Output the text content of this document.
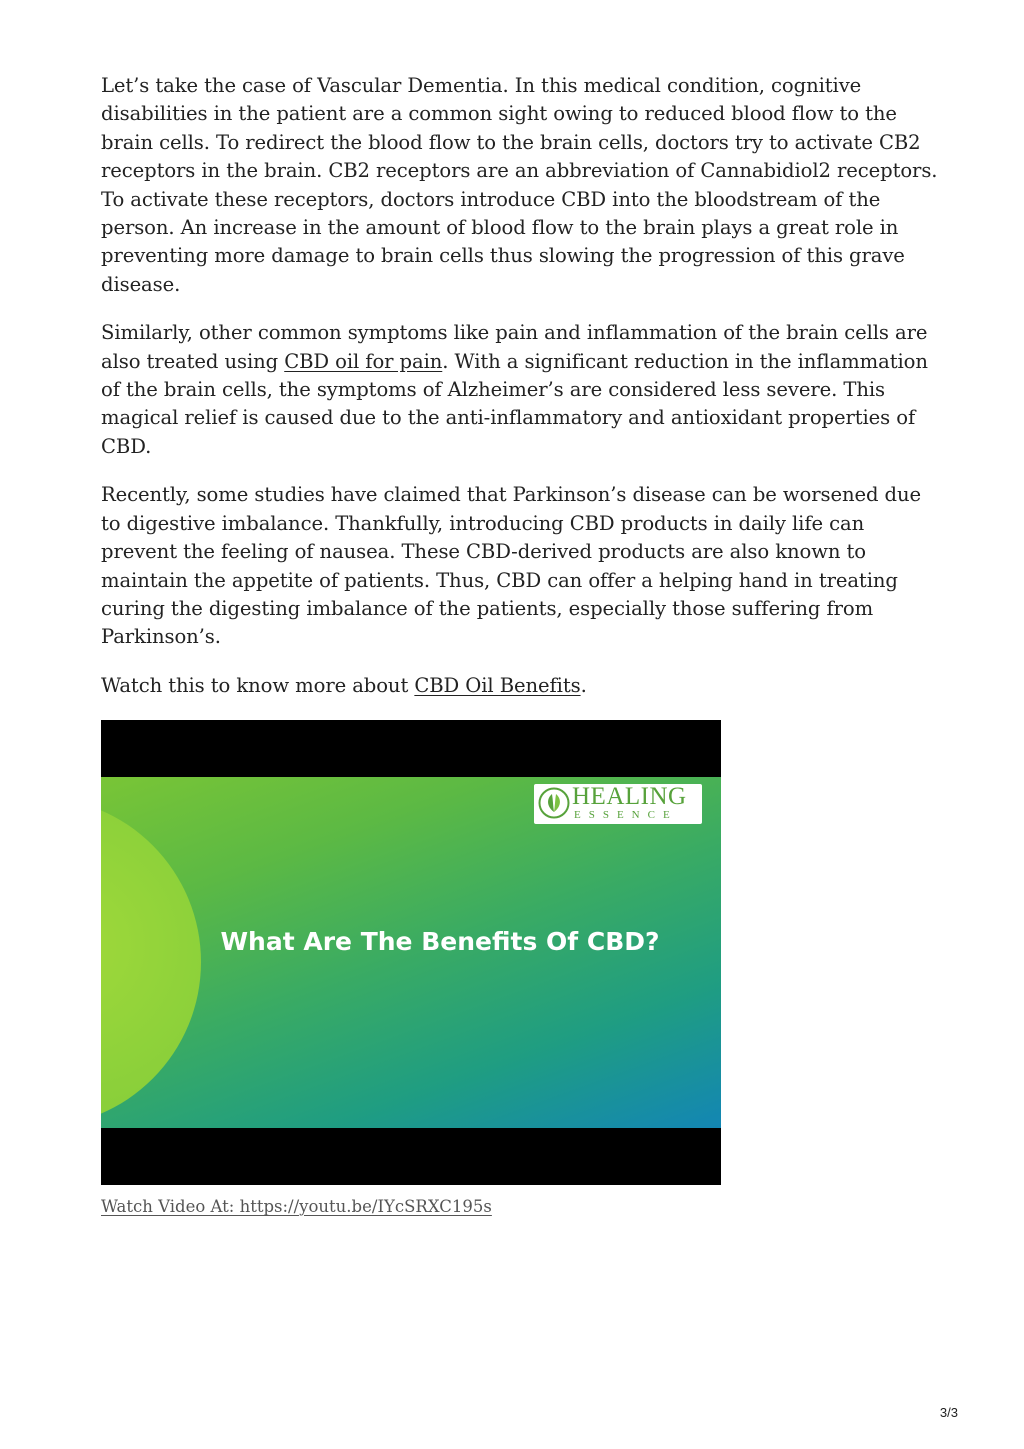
Let’s take the case of Vascular Dementia. In this medical condition, cognitive disabilities in the patient are a common sight owing to reduced blood flow to the brain cells. To redirect the blood flow to the brain cells, doctors try to activate CB2 receptors in the brain. CB2 receptors are an abbreviation of Cannabidiol2 receptors. To activate these receptors, doctors introduce CBD into the bloodstream of the person. An increase in the amount of blood flow to the brain plays a great role in preventing more damage to brain cells thus slowing the progression of this grave disease.

Similarly, other common symptoms like pain and inflammation of the brain cells are also treated using CBD oil for pain. With a significant reduction in the inflammation of the brain cells, the symptoms of Alzheimer’s are considered less severe. This magical relief is caused due to the anti-inflammatory and antioxidant properties of CBD.

Recently, some studies have claimed that Parkinson’s disease can be worsened due to digestive imbalance. Thankfully, introducing CBD products in daily life can prevent the feeling of nausea. These CBD-derived products are also known to maintain the appetite of patients. Thus, CBD can offer a helping hand in treating curing the digesting imbalance of the patients, especially those suffering from Parkinson’s.

Watch this to know more about CBD Oil Benefits.

HEALING
ESSENCE
What Are The Benefits Of CBD?
Watch Video At: https://youtu.be/IYcSRXC195s
3/3
